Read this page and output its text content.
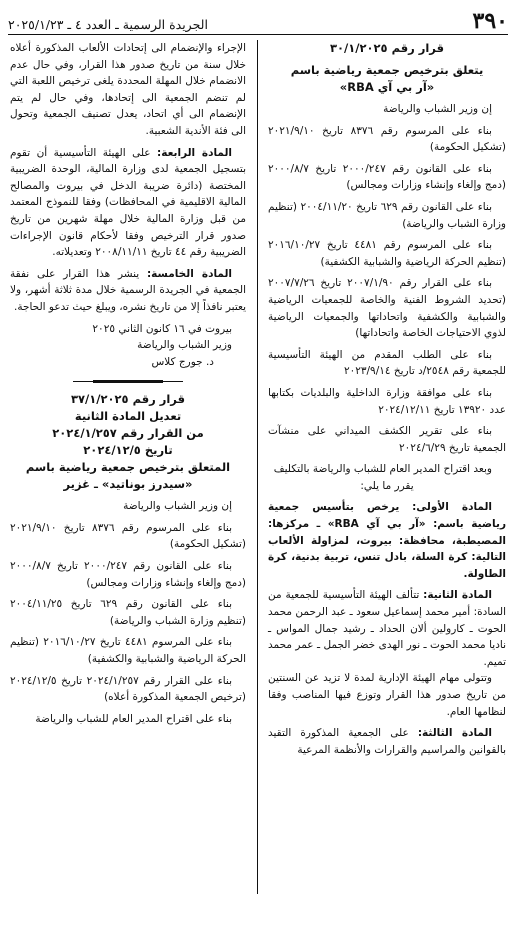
٣٩٠
الجريدة الرسمية ـ العدد ٤ ـ ٢٠٢٥/١/٢٣

قرار رقم ٣٠/١/٢٠٢٥

يتعلق بترخيص جمعية رياضية باسم

«آر بي آي RBA»

إن وزير الشباب والرياضة

بناء على المرسوم رقم ٨٣٧٦ تاريخ ٢٠٢١/٩/١٠ (تشكيل الحكومة)

بناء على القانون رقم ٢٠٠٠/٢٤٧ تاريخ ٢٠٠٠/٨/٧ (دمج وإلغاء وإنشاء وزارات ومجالس)

بناء على القانون رقم ٦٢٩ تاريخ ٢٠٠٤/١١/٢٠ (تنظيم وزارة الشباب والرياضة)

بناء على المرسوم رقم ٤٤٨١ تاريخ ٢٠١٦/١٠/٢٧ (تنظيم الحركة الرياضية والشبابية الكشفية)

بناء على القرار رقم ٢٠٠٧/١/٩٠ تاريخ ٢٠٠٧/٧/٢٦ (تحديد الشروط الفنية والخاصة للجمعيات الرياضية والشبابية والكشفية واتحاداتها والجمعيات الرياضية لذوي الاحتياجات الخاصة واتحاداتها)

بناء على الطلب المقدم من الهيئة التأسيسية للجمعية رقم ٢٥٤٨/د تاريخ ٢٠٢٣/٩/١٤

بناء على موافقة وزارة الداخلية والبلديات بكتابها عدد ١٣٩٢٠ تاريخ ٢٠٢٤/١٢/١١

بناء على تقرير الكشف الميداني على منشآت الجمعية تاريخ ٢٠٢٤/٦/٢٩

وبعد اقتراح المدير العام للشباب والرياضة بالتكليف

يقرر ما يلي:

المادة الأولى: يرخص بتأسيس جمعية رياضية باسم: «آر بي آي RBA» ـ مركزها: المصيطبة، محافظة: بيروت، لمزاولة الألعاب التالية: كرة السلة، بادل تنس، تربية بدنية، كرة الطاولة.

المادة الثانية: تتألف الهيئة التأسيسية للجمعية من السادة: أمير محمد إسماعيل سعود ـ عبد الرحمن محمد الحوت ـ كارولين ألان الحداد ـ رشيد جمال المواس ـ ناديا محمد الحوت ـ نور الهدى خضر الجمل ـ عمر محمد تميم.

وتتولى مهام الهيئة الإدارية لمدة لا تزيد عن السنتين من تاريخ صدور هذا القرار وتوزع فيها المناصب وفقا لنظامها العام.

المادة الثالثة: على الجمعية المذكورة التقيد بالقوانين والمراسيم والقرارات والأنظمة المرعية

الإجراء والإنضمام الى إتحادات الألعاب المذكورة أعلاه خلال سنة من تاريخ صدور هذا القرار، وفي حال عدم الانضمام خلال المهلة المحددة يلغى ترخيص اللعبة التي لم تنضم الجمعية الى إتحادها، وفي حال لم يتم الإنضمام الى أي اتحاد، يعدل تصنيف الجمعية وتحول الى فئة الأندية الشعبية.

المادة الرابعة: على الهيئة التأسيسية أن تقوم بتسجيل الجمعية لدى وزارة المالية، الوحدة الضريبية المختصة (دائرة ضريبة الدخل في بيروت والمصالح المالية الاقليمية في المحافظات) وفقا للنموذج المعتمد من قبل وزارة المالية خلال مهلة شهرين من تاريخ صدور قرار الترخيص وفقا لأحكام قانون الإجراءات الضريبية رقم ٤٤ تاريخ ٢٠٠٨/١١/١١ وتعديلاته.

المادة الخامسة: ينشر هذا القرار على نفقة الجمعية في الجريدة الرسمية خلال مدة ثلاثة أشهر، ولا يعتبر نافذاً إلا من تاريخ نشره، ويبلغ حيث تدعو الحاجة.

بيروت في ١٦ كانون الثاني ٢٠٢٥

وزير الشباب والرياضة

د. جورج كلاس

قرار رقم ٣٧/١/٢٠٢٥

تعديل المادة الثانية

من القرار رقم ٢٠٢٤/١/٢٥٧

تاريخ ٢٠٢٤/١٢/٥

المتعلق بترخيص جمعية رياضية باسم

«سيدرز بوناتيد» ـ غزير

إن وزير الشباب والرياضة

بناء على المرسوم رقم ٨٣٧٦ تاريخ ٢٠٢١/٩/١٠ (تشكيل الحكومة)

بناء على القانون رقم ٢٠٠٠/٢٤٧ تاريخ ٢٠٠٠/٨/٧ (دمج وإلغاء وإنشاء وزارات ومجالس)

بناء على القانون رقم ٦٢٩ تاريخ ٢٠٠٤/١١/٢٥ (تنظيم وزارة الشباب والرياضة)

بناء على المرسوم ٤٤٨١ تاريخ ٢٠١٦/١٠/٢٧ (تنظيم الحركة الرياضية والشبابية والكشفية)

بناء على القرار رقم ٢٠٢٤/١/٢٥٧ تاريخ ٢٠٢٤/١٢/٥ (ترخيص الجمعية المذكورة أعلاه)

بناء على اقتراح المدير العام للشباب والرياضة
